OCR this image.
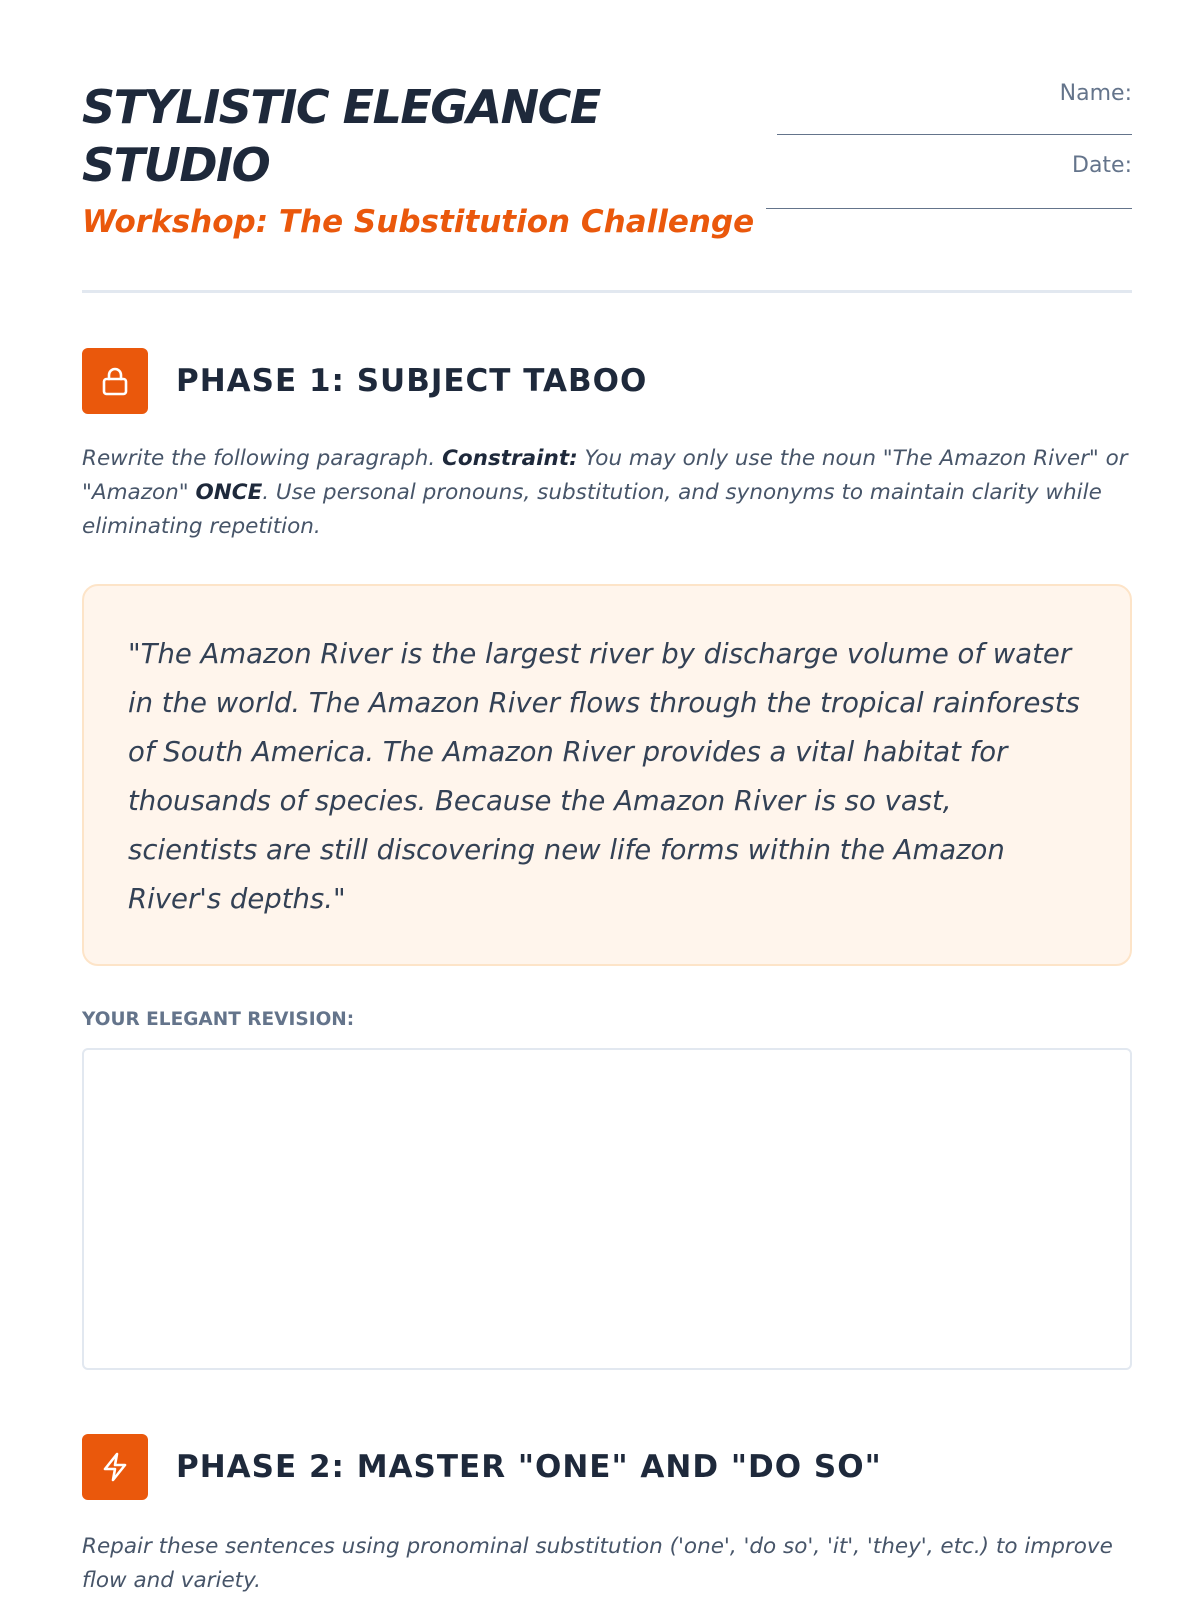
STYLISTIC ELEGANCE STUDIO
Workshop: The Substitution Challenge
Name:
Date:
PHASE 1: SUBJECT TABOO

Rewrite the following paragraph. Constraint: You may only use the noun "The Amazon River" or "Amazon" ONCE. Use personal pronouns, substitution, and synonyms to maintain clarity while eliminating repetition.

"The Amazon River is the largest river by discharge volume of water in the world. The Amazon River flows through the tropical rainforests of South America. The Amazon River provides a vital habitat for thousands of species. Because the Amazon River is so vast, scientists are still discovering new life forms within the Amazon River's depths."

YOUR ELEGANT REVISION:

PHASE 2: MASTER "ONE" AND "DO SO"

Repair these sentences using pronominal substitution ('one', 'do so', 'it', 'they', etc.) to improve flow and variety.
